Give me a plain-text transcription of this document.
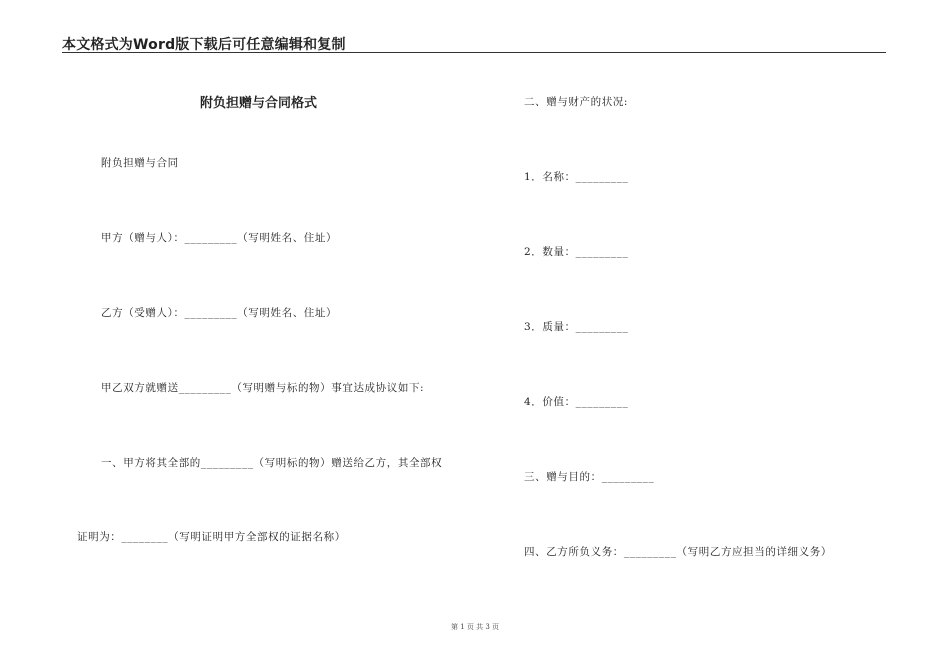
本文格式为Word版下载后可任意编辑和复制
附负担赠与合同格式
附负担赠与合同
甲方（赠与人）：_________（写明姓名、住址）
乙方（受赠人）：_________（写明姓名、住址）
甲乙双方就赠送_________（写明赠与标的物）事宜达成协议如下:
一、甲方将其全部的_________（写明标的物）赠送给乙方，其全部权
证明为：________（写明证明甲方全部权的证据名称）
二、赠与财产的状况:
1．名称：_________
2．数量：_________
3．质量：_________
4．价值：_________
三、赠与目的：_________
四、乙方所负义务：_________（写明乙方应担当的详细义务）
第 1 页 共 3 页
